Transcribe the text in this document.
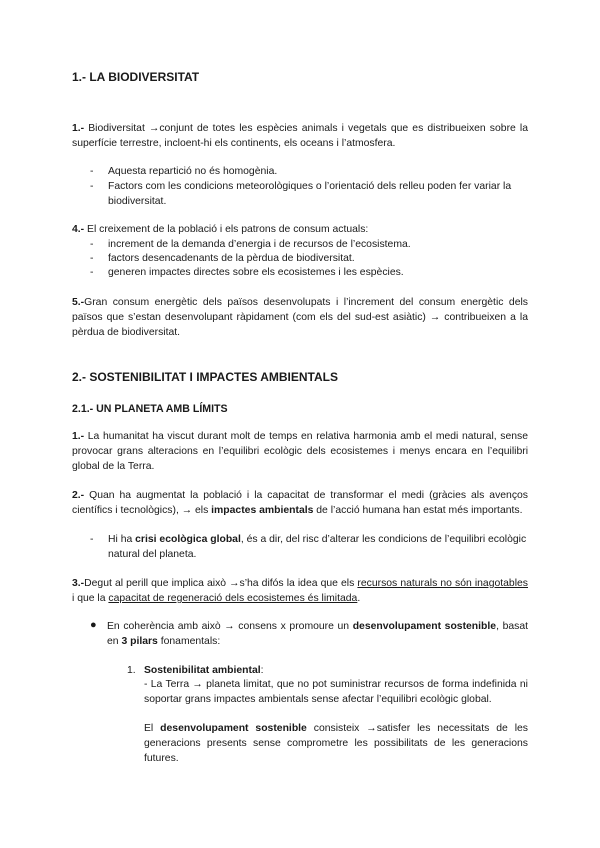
1.- LA BIODIVERSITAT
1.- Biodiversitat →conjunt de totes les espècies animals i vegetals que es distribueixen sobre la superfície terrestre, incloent-hi els continents, els oceans i l’atmosfera.
- Aquesta repartició no és homogènia.
- Factors com les condicions meteorològiques o l’orientació dels relleu poden fer variar la biodiversitat.
4.- El creixement de la població i els patrons de consum actuals:
- increment de la demanda d’energia i de recursos de l’ecosistema.
- factors desencadenants de la pèrdua de biodiversitat.
- generen impactes directes sobre els ecosistemes i les espècies.
5.-Gran consum energètic dels països desenvolupats i l’increment del consum energètic dels països que s’estan desenvolupant ràpidament (com els del sud-est asiàtic) → contribueixen a la pèrdua de biodiversitat.
2.- SOSTENIBILITAT I IMPACTES AMBIENTALS
2.1.- UN PLANETA AMB LÍMITS
1.- La humanitat ha viscut durant molt de temps en relativa harmonia amb el medi natural, sense provocar grans alteracions en l’equilibri ecològic dels ecosistemes i menys encara en l’equilibri global de la Terra.
2.- Quan ha augmentat la població i la capacitat de transformar el medi (gràcies als avenços científics i tecnològics), → els impactes ambientals de l’acció humana han estat més importants.
- Hi ha crisi ecològica global, és a dir, del risc d’alterar les condicions de l’equilibri ecològic natural del planeta.
3.-Degut al perill que implica això →s’ha difós la idea que els recursos naturals no són inagotables i que la capacitat de regeneració dels ecosistemes és limitada.
● En coherència amb això → consens x promoure un desenvolupament sostenible, basat en 3 pilars fonamentals:
1. Sostenibilitat ambiental:
- La Terra → planeta limitat, que no pot suministrar recursos de forma indefinida ni soportar grans impactes ambientals sense afectar l’equilibri ecològic global.
El desenvolupament sostenible consisteix →satisfer les necessitats de les generacions presents sense comprometre les possibilitats de les generacions futures.
